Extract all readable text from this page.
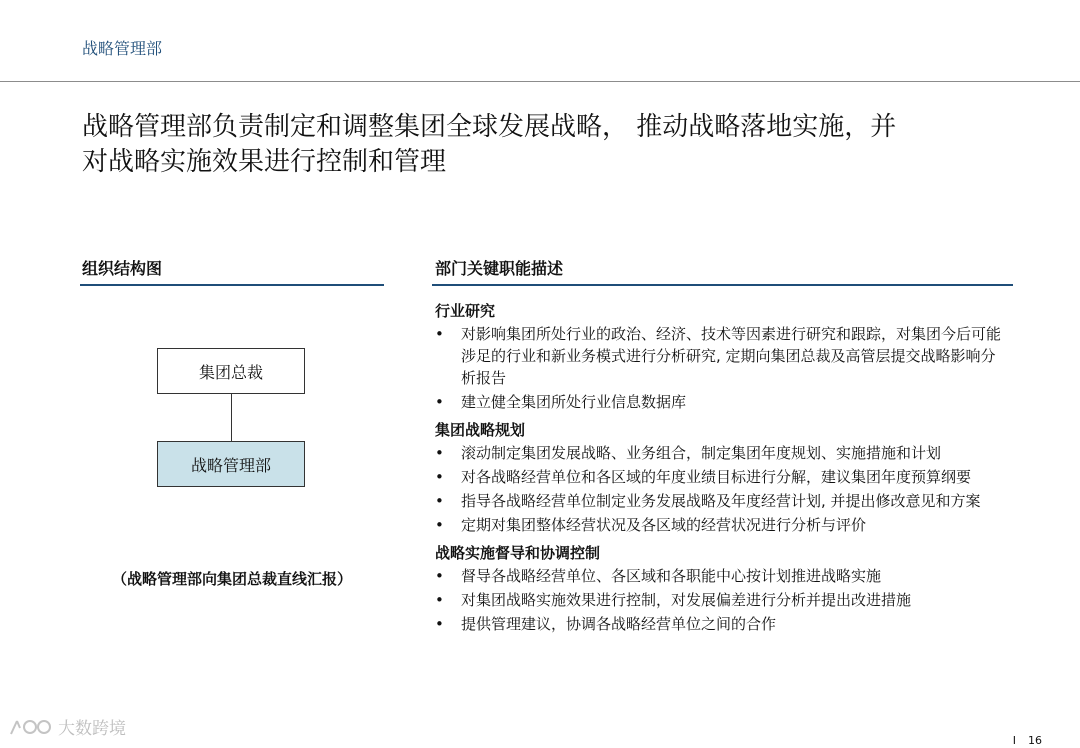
战略管理部
战略管理部负责制定和调整集团全球发展战略， 推动战略落地实施，并
对战略实施效果进行控制和管理
组织结构图	部门关键职能描述
集团总裁
战略管理部
（战略管理部向集团总裁直线汇报）
行业研究
• 对影响集团所处行业的政治、经济、技术等因素进行研究和跟踪，对集团今后可能涉足的行业和新业务模式进行分析研究, 定期向集团总裁及高管层提交战略影响分析报告
• 建立健全集团所处行业信息数据库
集团战略规划
• 滚动制定集团发展战略、业务组合，制定集团年度规划、实施措施和计划
• 对各战略经营单位和各区域的年度业绩目标进行分解，建议集团年度预算纲要
• 指导各战略经营单位制定业务发展战略及年度经营计划, 并提出修改意见和方案
• 定期对集团整体经营状况及各区域的经营状况进行分析与评价
战略实施督导和协调控制
• 督导各战略经营单位、各区域和各职能中心按计划推进战略实施
• 对集团战略实施效果进行控制，对发展偏差进行分析并提出改进措施
• 提供管理建议，协调各战略经营单位之间的合作
大数跨境
I 16
